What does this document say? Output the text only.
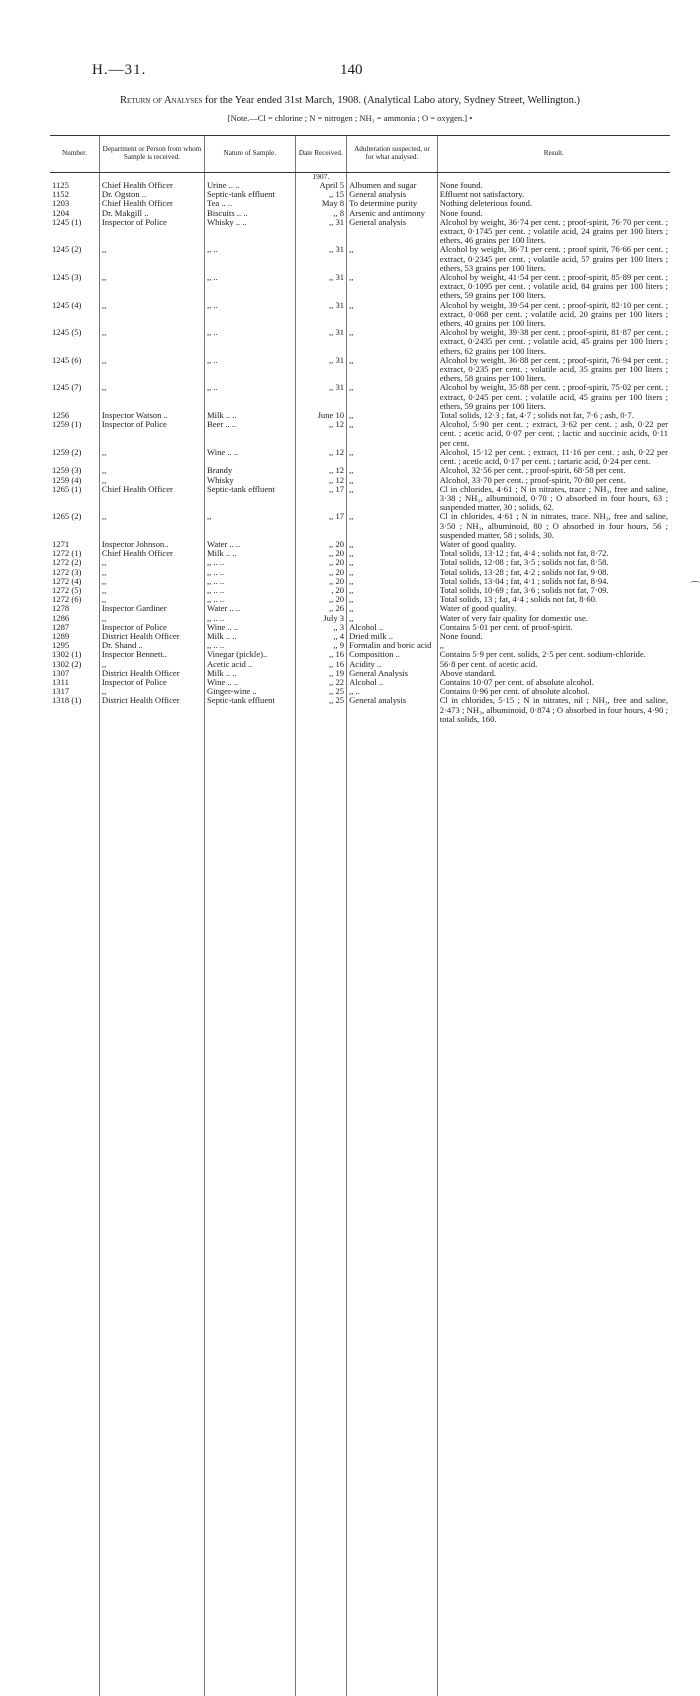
H.—31.	140
Return of Analyses for the Year ended 31st March, 1908. (Analytical Labo atory, Sydney Street, Wellington.)
[Note.—Cl = chlorine ; N = nitrogen ; NH₃ = ammonia ; O = oxygen.] •
Number.	Department or Person from whom Sample is received.	Nature of Sample.	Date Received.	Adulteration suspected, or for what analysed.	Result.
			1907.		
1125	Chief Health Officer	Urine .. ..	April 5	Albumen and sugar	None found.
1152	Dr. Ogston ..	Septic-tank effluent	,, 15	General analysis	Effluent not satisfactory.
1203	Chief Health Officer	Tea .. ..	May 8	To determine purity	Nothing deleterious found.
1204	Dr. Makgill ..	Biscuits .. ..	,, 8	Arsenic and antimony	None found.
1245 (1)	Inspector of Police	Whisky .. ..	,, 31	General analysis	Alcohol by weight, 36·74 per cent. ; proof-spirit, 76·70 per cent. ; extract, 0·1745 per cent. ; volatile acid, 24 grains per 100 liters ; ethers, 46 grains per 100 liters.
1245 (2)	,,	,, ..	,, 31	,,	Alcohol by weight, 36·71 per cent. ; proof spirit, 76·66 per cent. ; extract, 0·2345 per cent. ; volatile acid, 57 grains per 100 liters ; ethers, 53 grains per 100 liters.
1245 (3)	,,	,, ..	,, 31	,,	Alcohol by weight, 41·54 per cent. ; proof-spirit, 85·89 per cent. ; extract, 0·1095 per cent. ; volatile acid, 84 grains per 100 liters ; ethers, 59 grains per 100 liters.
1245 (4)	,,	,, ..	,, 31	,,	Alcohol by weight, 39·54 per cent. ; proof-spirit, 82·10 per cent. ; extract, 0·068 per cent. ; volatile acid, 20 grains per 100 liters ; ethers, 40 grains per 100 liters.
1245 (5)	,,	,, ..	,, 31	,,	Alcohol by weight, 39·38 per cent. ; proof-spirit, 81·87 per cent. ; extract, 0·2435 per cent. ; volatile acid, 45 grains per 100 liters ; ethers, 62 grains per 100 liters.
1245 (6)	,,	,, ..	,, 31	,,	Alcohol by weight, 36·88 per cent. ; proof-spirit, 76·94 per cent. ; extract, 0·235 per cent. ; volatile acid, 35 grains per 100 liters ; ethers, 58 grains per 100 liters.
1245 (7)	,,	,, ..	,, 31	,,	Alcohol by weight, 35·88 per cent. ; proof-spirit, 75·02 per cent. ; extract, 0·245 per cent. ; volatile acid, 45 grains per 100 liters ; ethers, 59 grains per 100 liters.
1256	Inspector Watson ..	Milk .. ..	June 10	,,	Total solids, 12·3 ; fat, 4·7 ; solids not fat, 7·6 ; ash, 0·7.
1259 (1)	Inspector of Police	Beer .. ..	,, 12	,,	Alcohol, 5·90 per cent. ; extract, 3·62 per cent. ; ash, 0·22 per cent. ; acetic acid, 0·07 per cent. ; lactic and succinic acids, 0·11 per cent.
1259 (2)	,,	Wine .. ..	,, 12	,,	Alcohol, 15·12 per cent. ; extract, 11·16 per cent. ; ash, 0·22 per cent. ; acetic acid, 0·17 per cent. ; tartaric acid, 0·24 per cent.
1259 (3)	,,	Brandy	,, 12	,,	Alcohol, 32·56 per cent. ; proof-spirit, 68·58 per cent.
1259 (4)	,,	Whisky	,, 12	,,	Alcohol, 33·70 per cent. ; proof-spirit, 70·80 per cent.
1265 (1)	Chief Health Officer	Septic-tank effluent	,, 17	,,	Cl in chlorides, 4·61 ; N in nitrates, trace ; NH₃, free and saline, 3·38 ; NH₃, albuminoid, 0·70 ; O absorbed in four hours, 63 ; suspended matter, 30 ; solids, 62.
1265 (2)	,,	,,	,, 17	,,	Cl in chlorides, 4·61 ; N in nitrates, trace. NH₃, free and saline, 3·50 ; NH₃, albuminoid, 80 ; O absorbed in four hours, 56 ; suspended matter, 58 ; solids, 30.
1271	Inspector Johnson..	Water .. ..	,, 20	,,	Water of good quality.
1272 (1)	Chief Health Officer	Milk .. ..	,, 20	,,	Total solids, 13·12 ; fat, 4·4 ; solids not fat, 8·72.
1272 (2)	,,	,, .. ..	,, 20	,,	Total solids, 12·08 ; fat, 3·5 ; solids not fat, 8·58.
1272 (3)	,,	,, .. ..	,, 20	,,	Total solids, 13·28 ; fat, 4·2 ; solids not fat, 9·08.
1272 (4)	,,	,, .. ..	,, 20	,,	Total solids, 13·04 ; fat, 4·1 ; solids not fat, 8·94.
1272 (5)	,,	,, .. ..	, 20	,,	Total solids, 10·69 ; fat, 3·6 ; solids not fat, 7·09.
1272 (6)	,,	,, .. ..	,, 20	,,	Total solids, 13 ; fat, 4·4 ; solids not fat, 8·60.
1278	Inspector Gardiner	Water .. ..	,, 26	,,	Water of good quality.
1286	,,	,, .. ..	July 3	,,	Water of very fair quality for domestic use.
1287	Inspector of Police	Wine .. ..	,, 3	Alcohol ..	Contains 5·01 per cent. of proof-spirit.
1289	District Health Officer	Milk .. ..	,, 4	Dried milk ..	None found.
1295	Dr. Shand ..	,, .. ..	,, 9	Formalin and boric acid	,,
1302 (1)	Inspector Bennett..	Vinegar (pickle)..	,, 16	Composition ..	Contains 5·9 per cent. solids, 2·5 per cent. sodium-chloride.
1302 (2)	,,	Acetic acid ..	,, 16	Acidity ..	56·8 per cent. of acetic acid.
1307	District Health Officer	Milk .. ..	,, 19	General Analysis	Above standard.
1311	Inspector of Police	Wine .. ..	,, 22	Alcohol ..	Contains 10·07 per cent. of absolute alcohol.
1317	,,	Ginger-wine ..	,, 25	,, ..	Contains 0·96 per cent. of absolute alcohol.
1318 (1)	District Health Officer	Septic-tank effluent	,, 25	General analysis	Cl in chlorides, 5·15 ; N in nitrates, nil ; NH₃, free and saline, 2·473 ; NH₃, albuminoid, 0·874 ; O absorbed in four hours, 4·90 ; total solids, 160.
⌒
